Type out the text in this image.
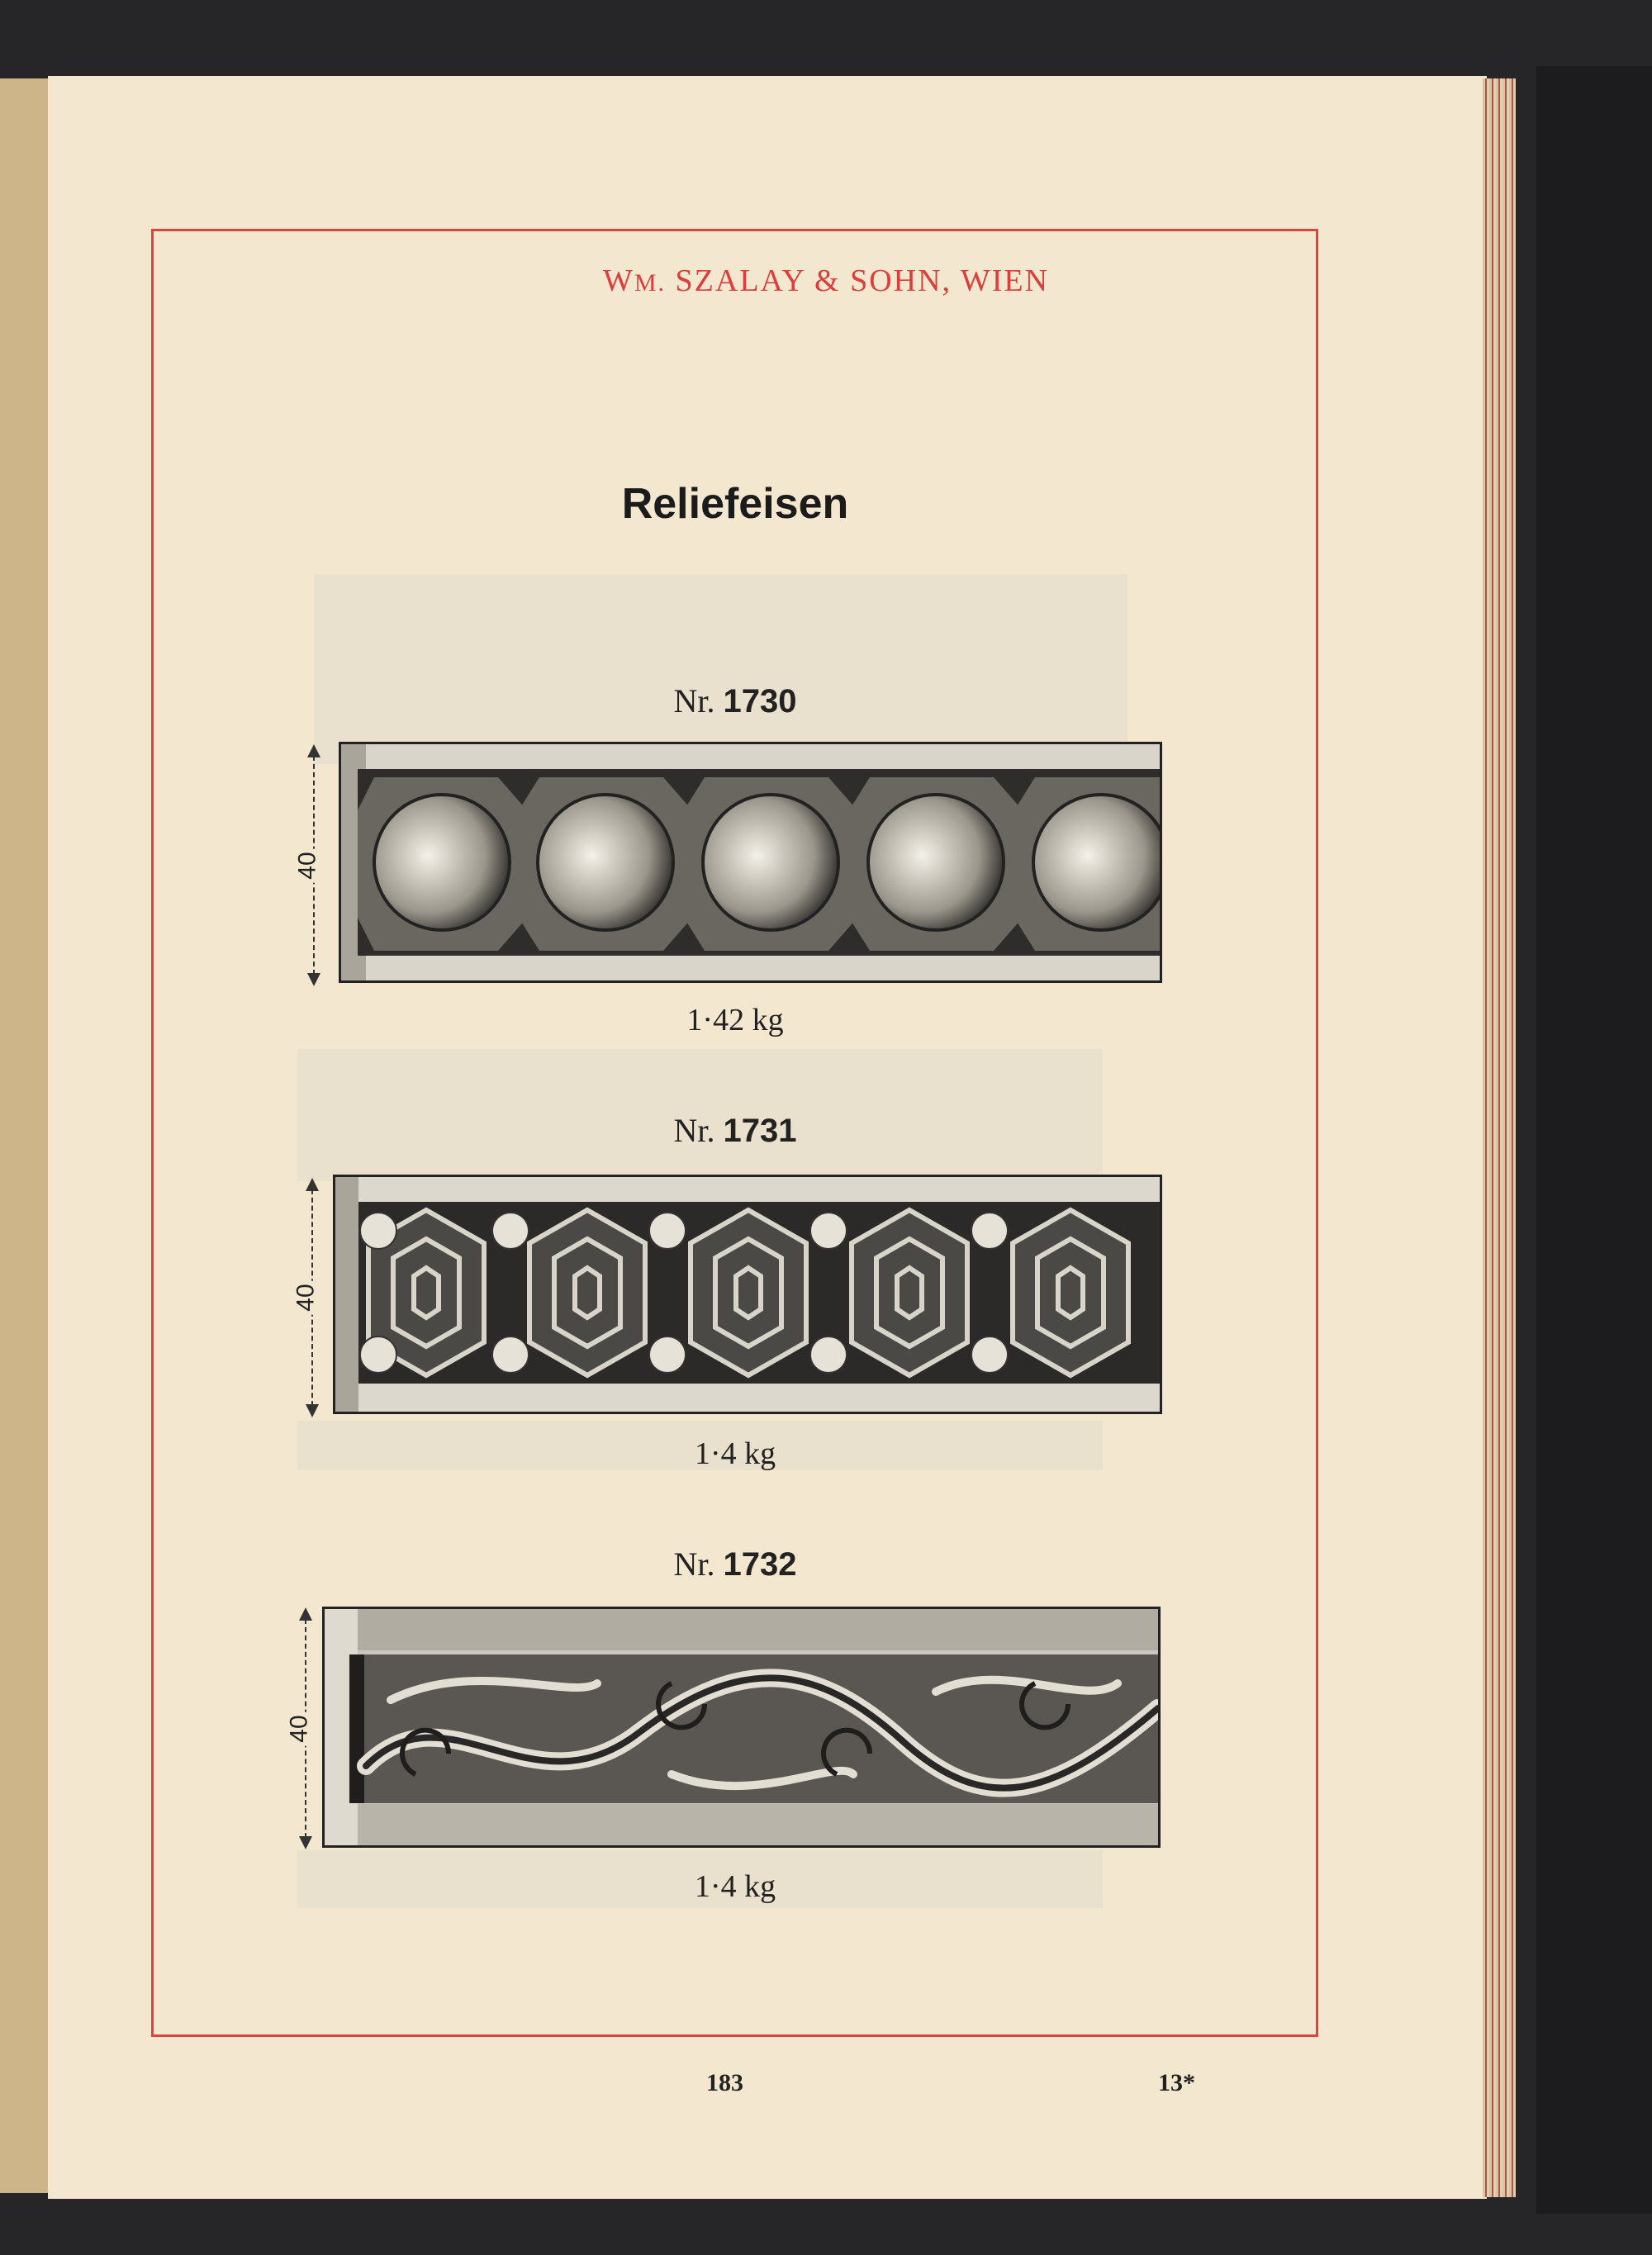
WM. SZALAY & SOHN, WIEN
Reliefeisen
Nr. 1730
40
1·42 kg
Nr. 1731
40
1·4 kg
Nr. 1732
40
1·4 kg
183	13*
